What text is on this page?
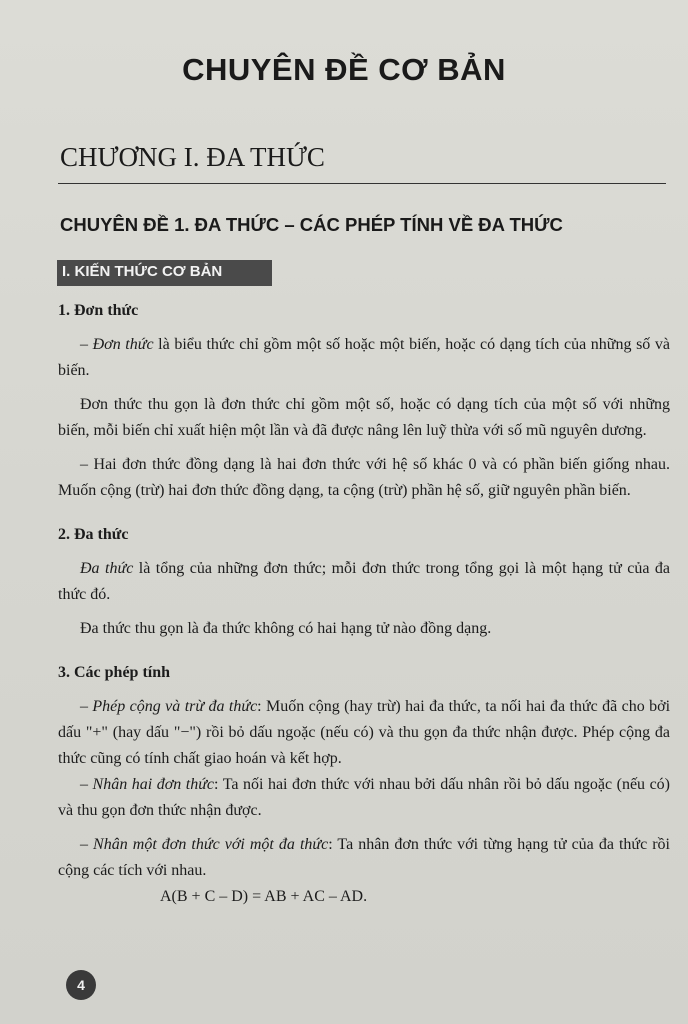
CHUYÊN ĐỀ CƠ BẢN
CHƯƠNG I. ĐA THỨC
CHUYÊN ĐỀ 1. ĐA THỨC – CÁC PHÉP TÍNH VỀ ĐA THỨC
I. KIẾN THỨC CƠ BẢN

1. Đơn thức

– Đơn thức là biểu thức chỉ gồm một số hoặc một biến, hoặc có dạng tích của những số và biến.

Đơn thức thu gọn là đơn thức chỉ gồm một số, hoặc có dạng tích của một số với những biến, mỗi biến chỉ xuất hiện một lần và đã được nâng lên luỹ thừa với số mũ nguyên dương.

– Hai đơn thức đồng dạng là hai đơn thức với hệ số khác 0 và có phần biến giống nhau. Muốn cộng (trừ) hai đơn thức đồng dạng, ta cộng (trừ) phần hệ số, giữ nguyên phần biến.

2. Đa thức

Đa thức là tổng của những đơn thức; mỗi đơn thức trong tổng gọi là một hạng tử của đa thức đó.

Đa thức thu gọn là đa thức không có hai hạng tử nào đồng dạng.

3. Các phép tính

– Phép cộng và trừ đa thức: Muốn cộng (hay trừ) hai đa thức, ta nối hai đa thức đã cho bởi dấu "+" (hay dấu "−") rồi bỏ dấu ngoặc (nếu có) và thu gọn đa thức nhận được. Phép cộng đa thức cũng có tính chất giao hoán và kết hợp.

– Nhân hai đơn thức: Ta nối hai đơn thức với nhau bởi dấu nhân rồi bỏ dấu ngoặc (nếu có) và thu gọn đơn thức nhận được.

– Nhân một đơn thức với một đa thức: Ta nhân đơn thức với từng hạng tử của đa thức rồi cộng các tích với nhau.

A(B + C – D) = AB + AC – AD.

4
